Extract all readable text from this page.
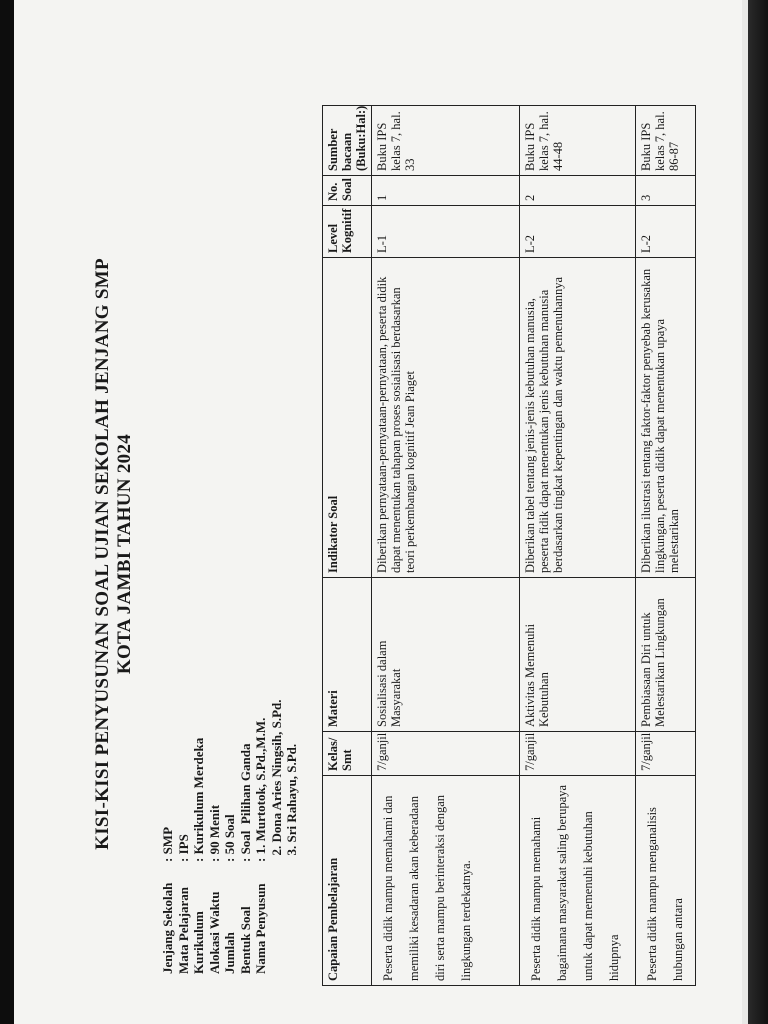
KISI-KISI PENYUSUNAN SOAL UJIAN SEKOLAH JENJANG SMP KOTA JAMBI TAHUN 2024
Jenjang Sekolah
: SMP
Mata Pelajaran
: IPS
Kurikulum
: Kurikulum Merdeka
Alokasi Waktu
: 90 Menit
Jumlah
: 50 Soal
Bentuk Soal
: Soal  Pilihan Ganda
Nama Penyusun
: 1. Murtotok, S.Pd.,M.M. 2. Dona Aries Ningsih, S.Pd. 3. Sri Rahayu, S.Pd.
Capaian Pembelajaran	Kelas/ Smt	Materi	Indikator Soal	Level Kognitif	No. Soal	Sumber bacaan (Buku:Hal:)
Peserta didik mampu memahami dan memiliki kesadaran akan keberadaan diri serta mampu berinteraksi dengan lingkungan terdekatnya.	7/ganjil	Sosialisasi dalam Masyarakat	Diberikan pernyataan-pernyataan-pernyataan, peserta didik dapat menentukan tahapan proses sosialisasi berdasarkan teori perkembangan kognitif Jean Piaget	L-1	1	Buku IPS kelas 7, hal. 33
Peserta didik mampu memahami bagaimana masyarakat saling berupaya untuk dapat memenuhi kebutuhan hidupnya	7/ganjil	Aktivitas Memenuhi Kebutuhan	Diberikan tabel tentang jenis-jenis kebutuhan manusia, peserta fidik dapat menentukan jenis kebutuhan manusia berdasarkan tingkat kepentingan dan waktu pemenuhannya	L-2	2	Buku IPS kelas 7, hal. 44-48
Peserta didik mampu menganalisis hubungan antara	7/ganjil	Pembiasaan Diri untuk Melestarikan Lingkungan	Diberikan ilustrasi tentang faktor-faktor penyebab kerusakan lingkungan, peserta didik dapat menentukan upaya melestarikan	L-2	3	Buku IPS kelas 7, hal. 86-87
